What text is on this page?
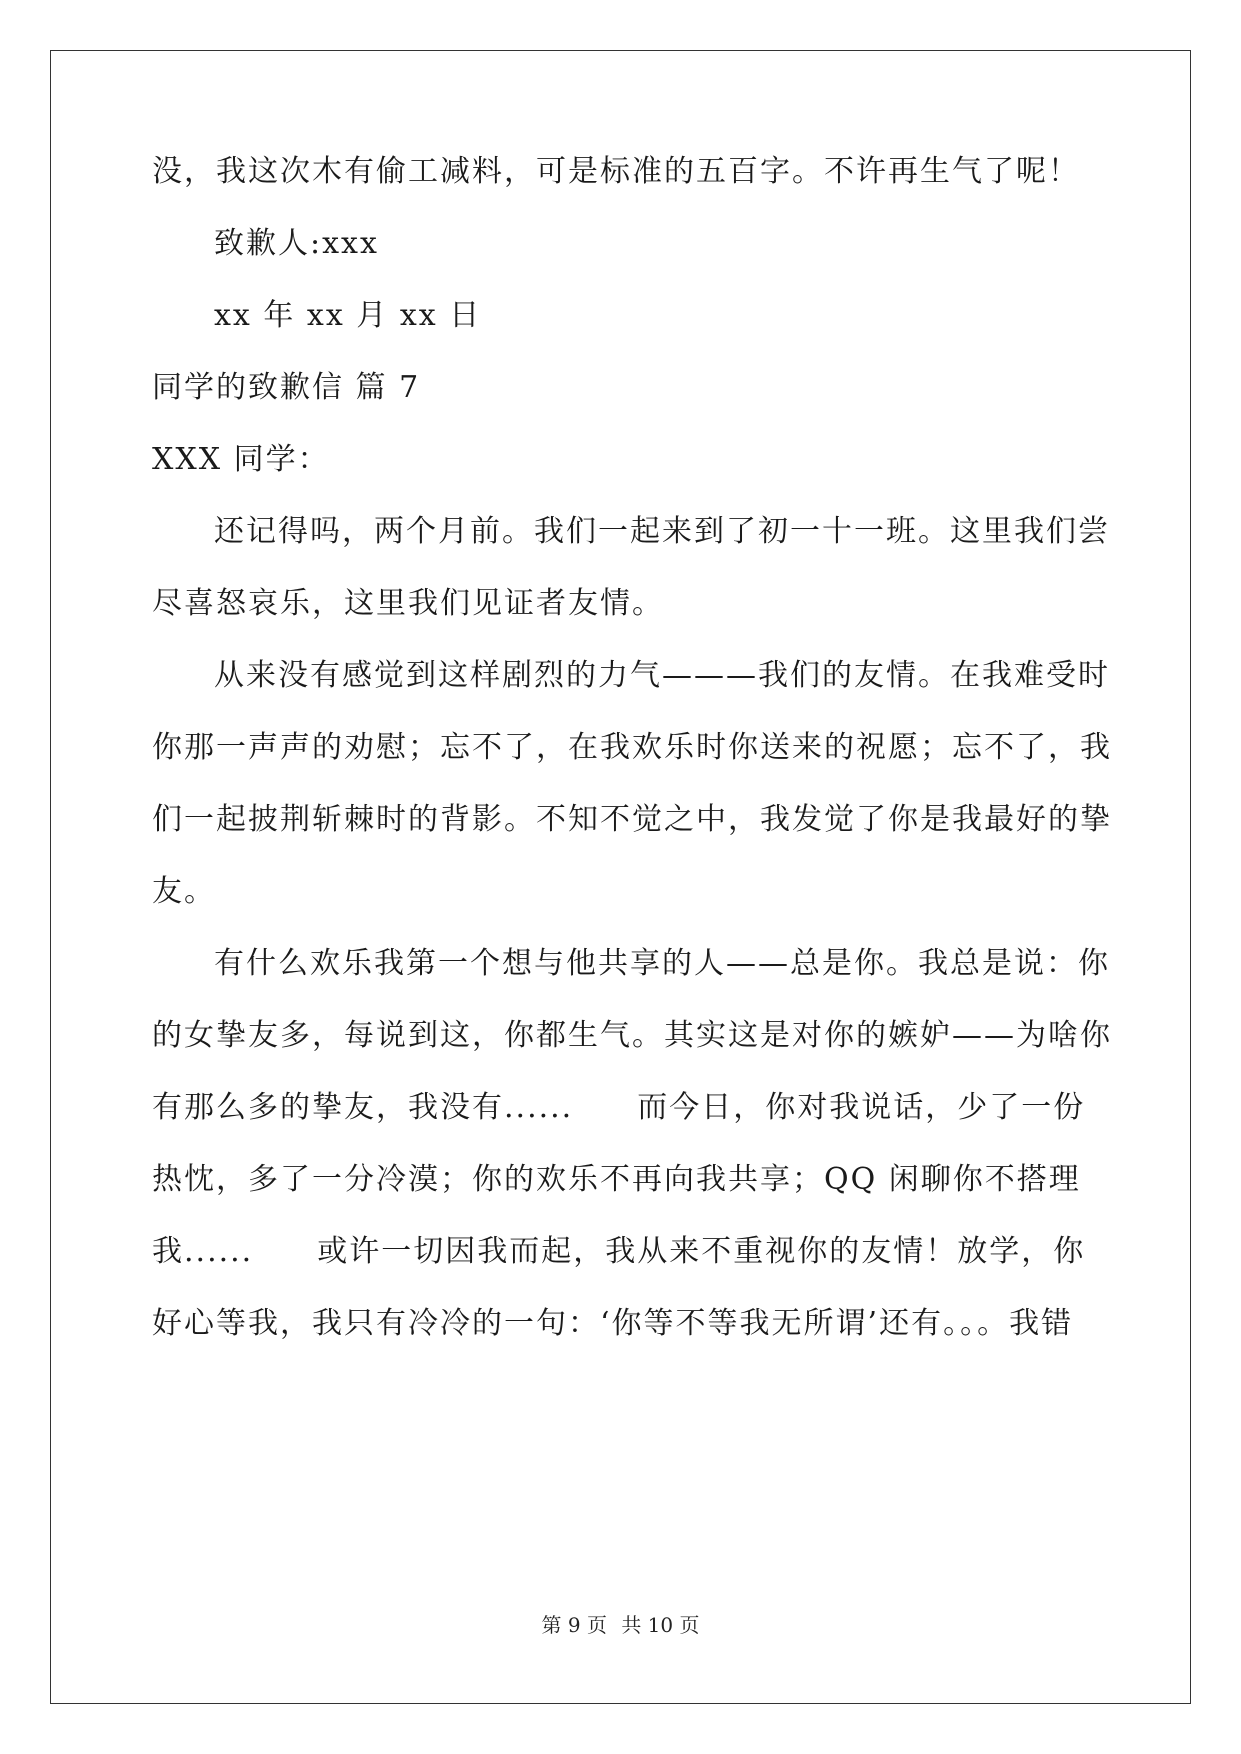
没，我这次木有偷工减料，可是标准的五百字。不许再生气了呢！
致歉人:xxx
xx 年 xx 月 xx 日
同学的致歉信 篇 7
XXX 同学：
还记得吗，两个月前。我们一起来到了初一十一班。这里我们尝
尽喜怒哀乐，这里我们见证者友情。
从来没有感觉到这样剧烈的力气———我们的友情。在我难受时
你那一声声的劝慰；忘不了，在我欢乐时你送来的祝愿；忘不了，我
们一起披荆斩棘时的背影。不知不觉之中，我发觉了你是我最好的挚
友。
有什么欢乐我第一个想与他共享的人——总是你。我总是说：你
的女挚友多，每说到这，你都生气。其实这是对你的嫉妒——为啥你
有那么多的挚友，我没有......　　而今日，你对我说话，少了一份
热忱，多了一分冷漠；你的欢乐不再向我共享；QQ 闲聊你不搭理
我......　　或许一切因我而起，我从来不重视你的友情！放学，你
好心等我，我只有冷冷的一句：‘你等不等我无所谓’还有。。。我错
第 9 页 共 10 页
